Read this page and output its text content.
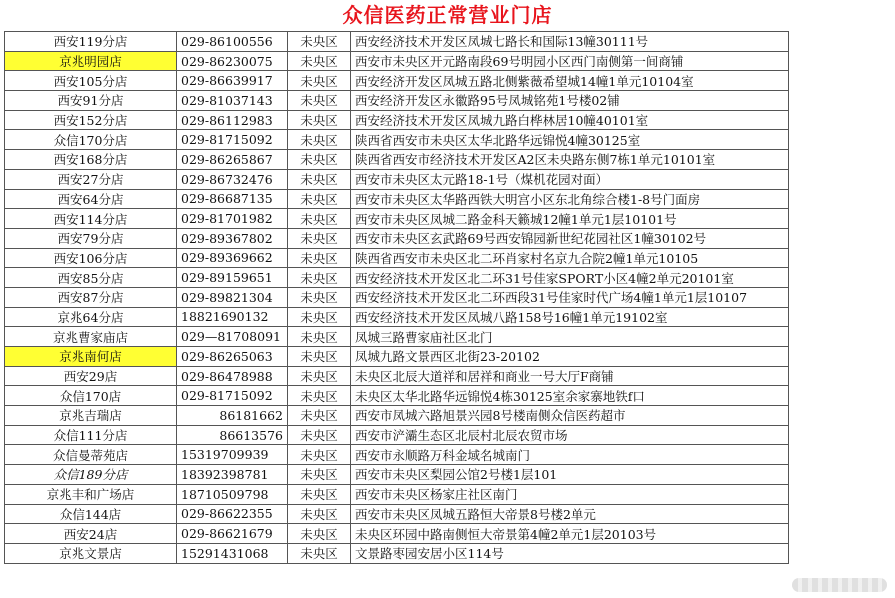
众信医药正常营业门店
西安119分店	029-86100556	未央区	西安经济技术开发区凤城七路长和国际13幢30111号
京兆明园店	029-86230075	未央区	西安市未央区开元路南段69号明园小区西门南侧第一间商铺
西安105分店	029-86639917	未央区	西安经济开发区凤城五路北侧紫薇希望城14幢1单元10104室
西安91分店	029-81037143	未央区	西安经济开发区永徽路95号凤城铭苑1号楼02铺
西安152分店	029-86112983	未央区	西安经济技术开发区凤城九路白桦林居10幢40101室
众信170分店	029-81715092	未央区	陕西省西安市未央区太华北路华远锦悦4幢30125室
西安168分店	029-86265867	未央区	陕西省西安市经济技术开发区A2区未央路东侧7栋1单元10101室
西安27分店	029-86732476	未央区	西安市未央区太元路18-1号（煤机花园对面）
西安64分店	029-86687135	未央区	西安市未央区太华路西铁大明宫小区东北角综合楼1-8号门面房
西安114分店	029-81701982	未央区	西安市未央区凤城二路金科天籁城12幢1单元1层10101号
西安79分店	029-89367802	未央区	西安市未央区玄武路69号西安锦园新世纪花园社区1幢30102号
西安106分店	029-89369662	未央区	陕西省西安市未央区北二环肖家村名京九合院2幢1单元10105
西安85分店	029-89159651	未央区	西安经济技术开发区北二环31号佳家SPORT小区4幢2单元20101室
西安87分店	029-89821304	未央区	西安经济技术开发区北二环西段31号佳家时代广场4幢1单元1层10107
京兆64分店	18821690132	未央区	西安经济技术开发区凤城八路158号16幢1单元19102室
京兆曹家庙店	029—81708091	未央区	凤城三路曹家庙社区北门
京兆南何店	029-86265063	未央区	凤城九路文景西区北街23-20102
西安29店	029-86478988	未央区	未央区北辰大道祥和居祥和商业一号大厅F商铺
众信170店	029-81715092	未央区	未央区太华北路华远锦悦4栋30125室余家寨地铁f口
京兆吉瑞店	86181662	未央区	西安市凤城六路旭景兴园8号楼南侧众信医药超市
众信111分店	86613576	未央区	西安市浐灞生态区北辰村北辰农贸市场
众信曼蒂苑店	15319709939	未央区	西安市永顺路万科金域名城南门
众信189分店	18392398781	未央区	西安市未央区梨园公馆2号楼1层101
京兆丰和广场店	18710509798	未央区	西安市未央区杨家庄社区南门
众信144店	029-86622355	未央区	西安市未央区凤城五路恒大帝景8号楼2单元
西安24店	029-86621679	未央区	未央区环园中路南侧恒大帝景第4幢2单元1层20103号
京兆文景店	15291431068	未央区	文景路枣园安居小区114号
